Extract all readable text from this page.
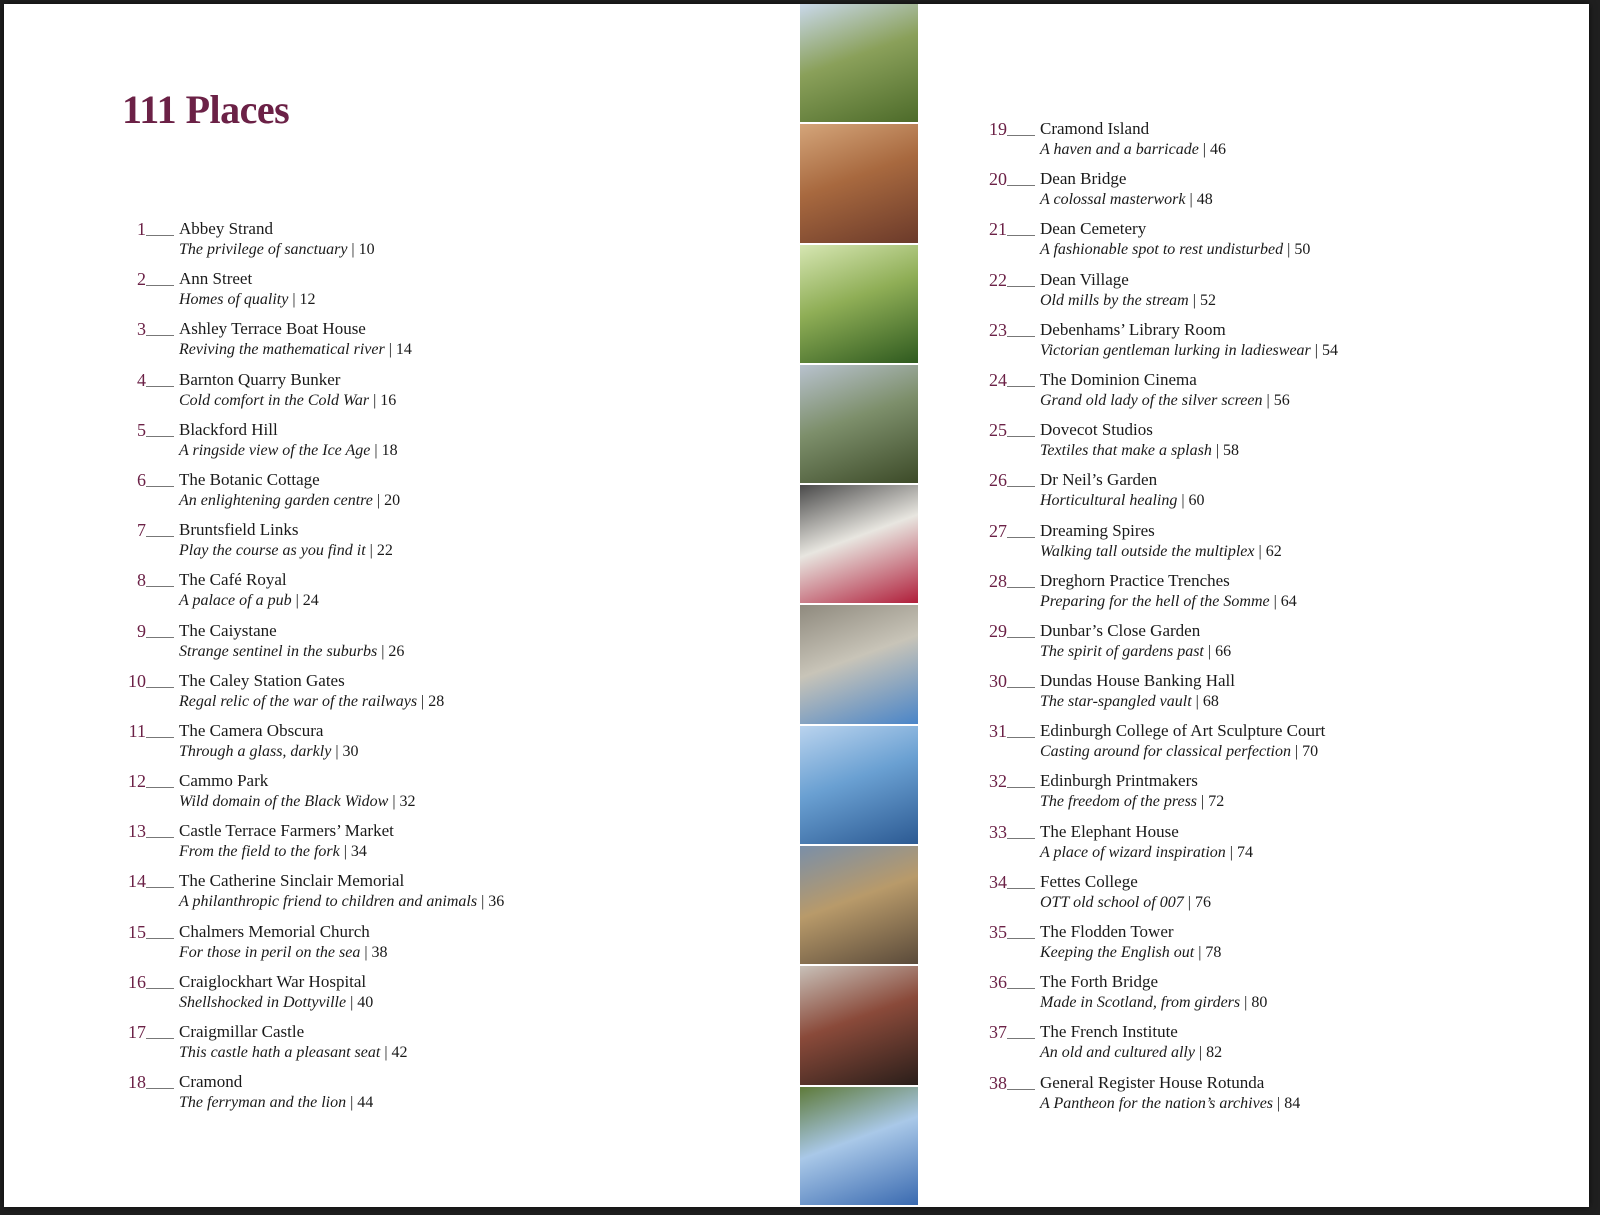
111 Places
1 Abbey Strand
The privilege of sanctuary | 10
2 Ann Street
Homes of quality | 12
3 Ashley Terrace Boat House
Reviving the mathematical river | 14
4 Barnton Quarry Bunker
Cold comfort in the Cold War | 16
5 Blackford Hill
A ringside view of the Ice Age | 18
6 The Botanic Cottage
An enlightening garden centre | 20
7 Bruntsfield Links
Play the course as you find it | 22
8 The Café Royal
A palace of a pub | 24
9 The Caiystane
Strange sentinel in the suburbs | 26
10 The Caley Station Gates
Regal relic of the war of the railways | 28
11 The Camera Obscura
Through a glass, darkly | 30
12 Cammo Park
Wild domain of the Black Widow | 32
13 Castle Terrace Farmers’ Market
From the field to the fork | 34
14 The Catherine Sinclair Memorial
A philanthropic friend to children and animals | 36
15 Chalmers Memorial Church
For those in peril on the sea | 38
16 Craiglockhart War Hospital
Shellshocked in Dottyville | 40
17 Craigmillar Castle
This castle hath a pleasant seat | 42
18 Cramond
The ferryman and the lion | 44
19 Cramond Island
A haven and a barricade | 46
20 Dean Bridge
A colossal masterwork | 48
21 Dean Cemetery
A fashionable spot to rest undisturbed | 50
22 Dean Village
Old mills by the stream | 52
23 Debenhams’ Library Room
Victorian gentleman lurking in ladieswear | 54
24 The Dominion Cinema
Grand old lady of the silver screen | 56
25 Dovecot Studios
Textiles that make a splash | 58
26 Dr Neil’s Garden
Horticultural healing | 60
27 Dreaming Spires
Walking tall outside the multiplex | 62
28 Dreghorn Practice Trenches
Preparing for the hell of the Somme | 64
29 Dunbar’s Close Garden
The spirit of gardens past | 66
30 Dundas House Banking Hall
The star-spangled vault | 68
31 Edinburgh College of Art Sculpture Court
Casting around for classical perfection | 70
32 Edinburgh Printmakers
The freedom of the press | 72
33 The Elephant House
A place of wizard inspiration | 74
34 Fettes College
OTT old school of 007 | 76
35 The Flodden Tower
Keeping the English out | 78
36 The Forth Bridge
Made in Scotland, from girders | 80
37 The French Institute
An old and cultured ally | 82
38 General Register House Rotunda
A Pantheon for the nation’s archives | 84
